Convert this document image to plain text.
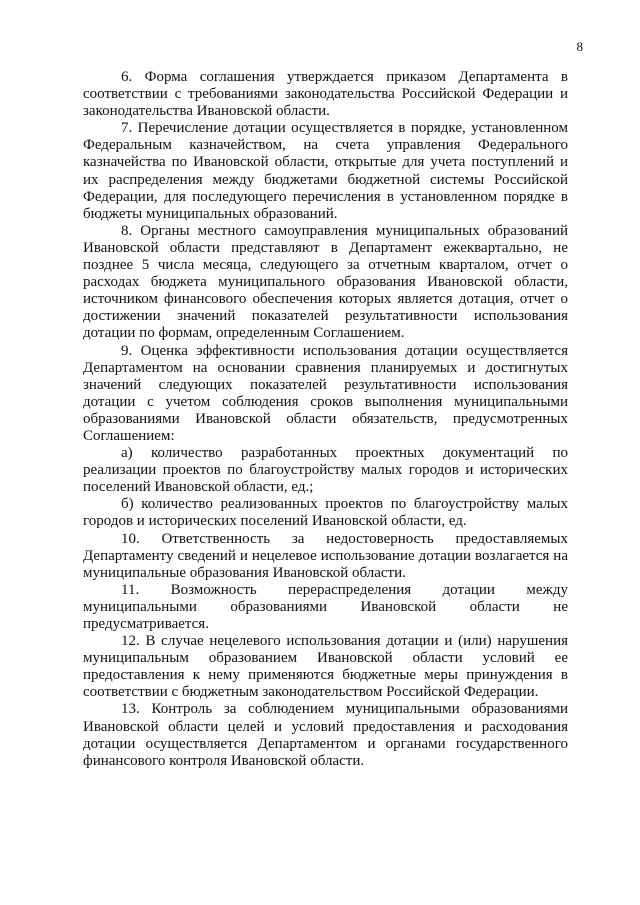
8

6. Форма соглашения утверждается приказом Департамента в соответствии с требованиями законодательства Российской Федерации и законодательства Ивановской области.

7. Перечисление дотации осуществляется в порядке, установленном Федеральным казначейством, на счета управления Федерального казначейства по Ивановской области, открытые для учета поступлений и их распределения между бюджетами бюджетной системы Российской Федерации, для последующего перечисления в установленном порядке в бюджеты муниципальных образований.

8. Органы местного самоуправления муниципальных образований Ивановской области представляют в Департамент ежеквартально, не позднее 5 числа месяца, следующего за отчетным кварталом, отчет о расходах бюджета муниципального образования Ивановской области, источником финансового обеспечения которых является дотация, отчет о достижении значений показателей результативности использования дотации по формам, определенным Соглашением.

9. Оценка эффективности использования дотации осуществляется Департаментом на основании сравнения планируемых и достигнутых значений следующих показателей результативности использования дотации с учетом соблюдения сроков выполнения муниципальными образованиями Ивановской области обязательств, предусмотренных Соглашением:

а) количество разработанных проектных документаций по реализации проектов по благоустройству малых городов и исторических поселений Ивановской области, ед.;

б) количество реализованных проектов по благоустройству малых городов и исторических поселений Ивановской области, ед.

10. Ответственность за недостоверность предоставляемых Департаменту сведений и нецелевое использование дотации возлагается на муниципальные образования Ивановской области.

11. Возможность перераспределения дотации между муниципальными образованиями Ивановской области не предусматривается.

12. В случае нецелевого использования дотации и (или) нарушения муниципальным образованием Ивановской области условий ее предоставления к нему применяются бюджетные меры принуждения в соответствии с бюджетным законодательством Российской Федерации.

13. Контроль за соблюдением муниципальными образованиями Ивановской области целей и условий предоставления и расходования дотации осуществляется Департаментом и органами государственного финансового контроля Ивановской области.
